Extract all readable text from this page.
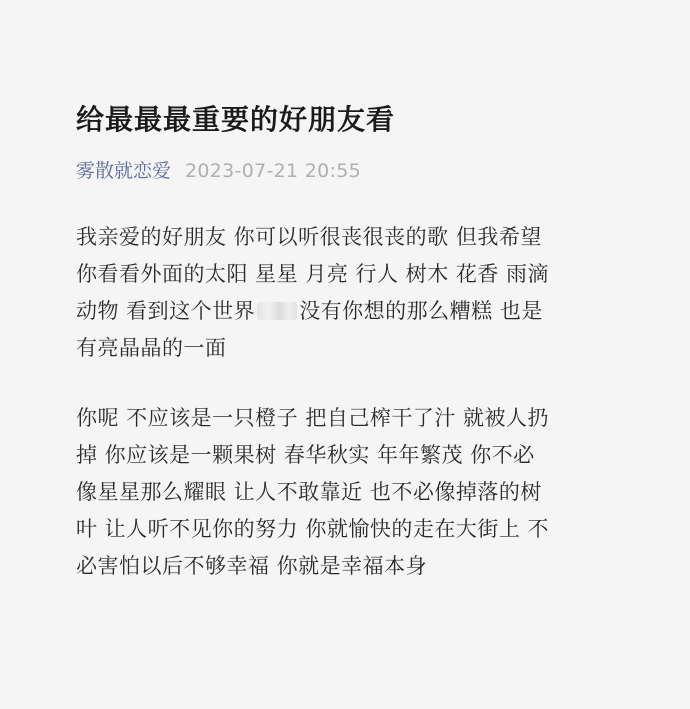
给最最最重要的好朋友看
雾散就恋爱 2023-07-21 20:55

我亲爱的好朋友 你可以听很丧很丧的歌 但我希望
你看看外面的太阳 星星 月亮 行人 树木 花香 雨滴
动物 看到这个世界 没有你想的那么糟糕 也是
有亮晶晶的一面

你呢 不应该是一只橙子 把自己榨干了汁 就被人扔
掉 你应该是一颗果树 春华秋实 年年繁茂 你不必
像星星那么耀眼 让人不敢靠近 也不必像掉落的树
叶 让人听不见你的努力 你就愉快的走在大街上 不
必害怕以后不够幸福 你就是幸福本身
